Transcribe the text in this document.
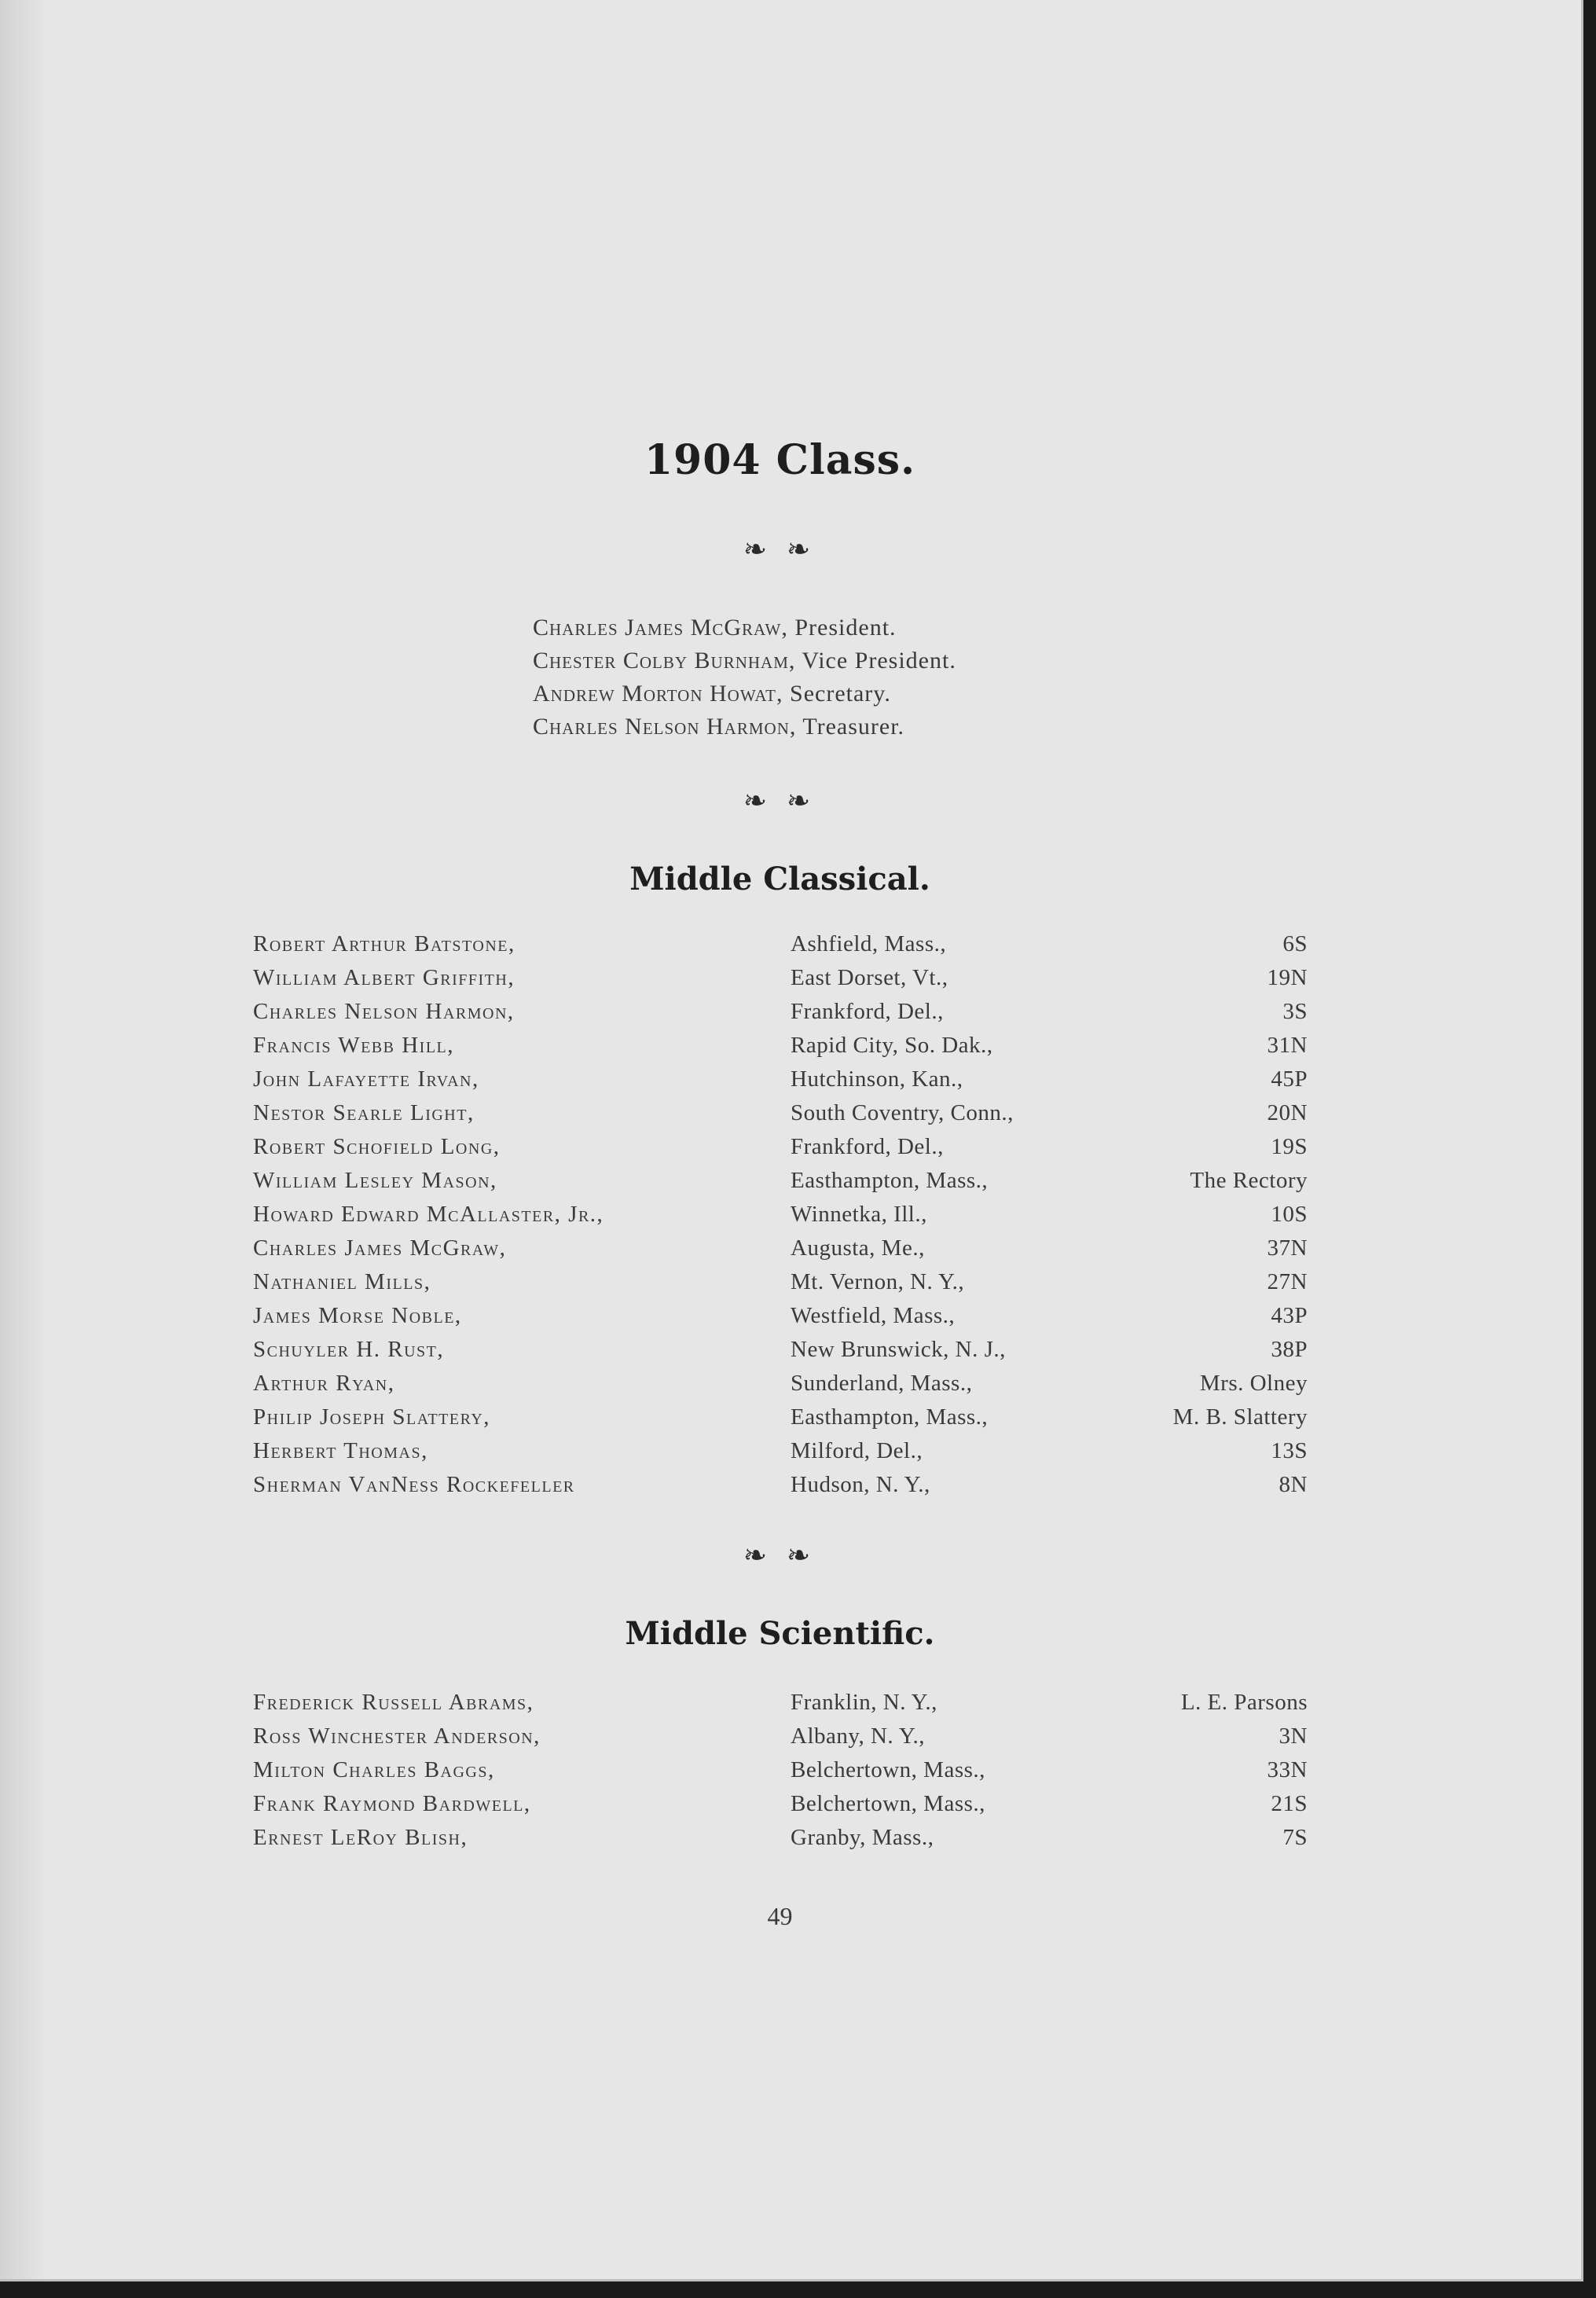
1904 Class.
❧ ❧
Charles James McGraw, President.
Chester Colby Burnham, Vice President.
Andrew Morton Howat, Secretary.
Charles Nelson Harmon, Treasurer.
❧ ❧
Middle Classical.
Robert Arthur Batstone,	Ashfield, Mass.,	6S
William Albert Griffith,	East Dorset, Vt.,	19N
Charles Nelson Harmon,	Frankford, Del.,	3S
Francis Webb Hill,	Rapid City, So. Dak.,	31N
John Lafayette Irvan,	Hutchinson, Kan.,	45P
Nestor Searle Light,	South Coventry, Conn.,	20N
Robert Schofield Long,	Frankford, Del.,	19S
William Lesley Mason,	Easthampton, Mass.,	The Rectory
Howard Edward McAllaster, Jr.,	Winnetka, Ill.,	10S
Charles James McGraw,	Augusta, Me.,	37N
Nathaniel Mills,	Mt. Vernon, N. Y.,	27N
James Morse Noble,	Westfield, Mass.,	43P
Schuyler H. Rust,	New Brunswick, N. J.,	38P
Arthur Ryan,	Sunderland, Mass.,	Mrs. Olney
Philip Joseph Slattery,	Easthampton, Mass.,	M. B. Slattery
Herbert Thomas,	Milford, Del.,	13S
Sherman VanNess Rockefeller	Hudson, N. Y.,	8N
❧ ❧
Middle Scientific.
Frederick Russell Abrams,	Franklin, N. Y.,	L. E. Parsons
Ross Winchester Anderson,	Albany, N. Y.,	3N
Milton Charles Baggs,	Belchertown, Mass.,	33N
Frank Raymond Bardwell,	Belchertown, Mass.,	21S
Ernest LeRoy Blish,	Granby, Mass.,	7S
49
